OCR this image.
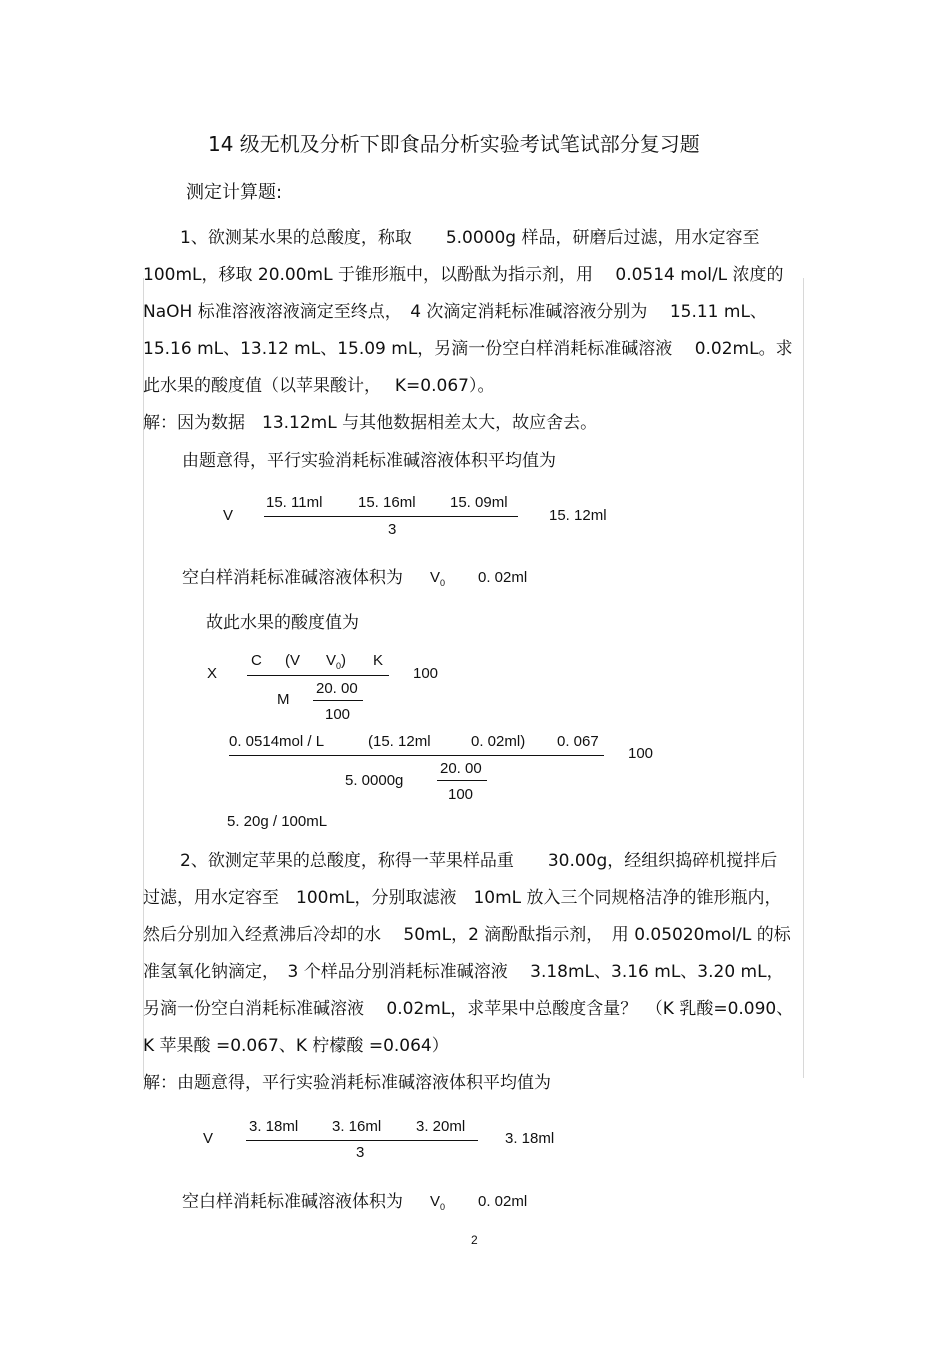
14 级无机及分析下即食品分析实验考试笔试部分复习题
测定计算题:
1、欲测某水果的总酸度，称取　　5.0000g 样品，研磨后过滤，用水定容至
100mL，移取 20.00mL 于锥形瓶中，以酚酞为指示剂，用　 0.0514 mol/L 浓度的
NaOH 标准溶液溶液滴定至终点，　4 次滴定消耗标准碱溶液分别为　 15.11 mL、
15.16 mL、13.12 mL、15.09 mL，另滴一份空白样消耗标准碱溶液　 0.02mL。求
此水果的酸度值（以苹果酸计，　 K=0.067）。
解：因为数据　13.12mL 与其他数据相差太大，故应舍去。
由题意得，平行实验消耗标准碱溶液体积平均值为
V
15. 11ml 15. 16ml 15. 09ml
3
15. 12ml
空白样消耗标准碱溶液体积为 $V_0$ 0. 02ml
故此水果的酸度值为
X
C (V $V_0$) K
M
20. 00
100
100
0. 0514mol / L	(15. 12ml	0. 02ml) 0. 067
5. 0000g
20. 00
100
100
5. 20g / 100mL
2、欲测定苹果的总酸度，称得一苹果样品重　　30.00g，经组织捣碎机搅拌后
过滤，用水定容至　100mL，分别取滤液　10mL 放入三个同规格洁净的锥形瓶内，
然后分别加入经煮沸后冷却的水　 50mL，2 滴酚酞指示剂，　用 0.05020mol/L 的标
准氢氧化钠滴定，　3 个样品分别消耗标准碱溶液　 3.18mL、3.16 mL、3.20 mL，
另滴一份空白消耗标准碱溶液　 0.02mL，求苹果中总酸度含量？　（K 乳酸=0.090、
K 苹果酸 =0.067、K 柠檬酸 =0.064）
解：由题意得，平行实验消耗标准碱溶液体积平均值为
V
3. 18ml 3. 16ml 3. 20ml
3
3. 18ml
空白样消耗标准碱溶液体积为 $V_0$ 0. 02ml
2
